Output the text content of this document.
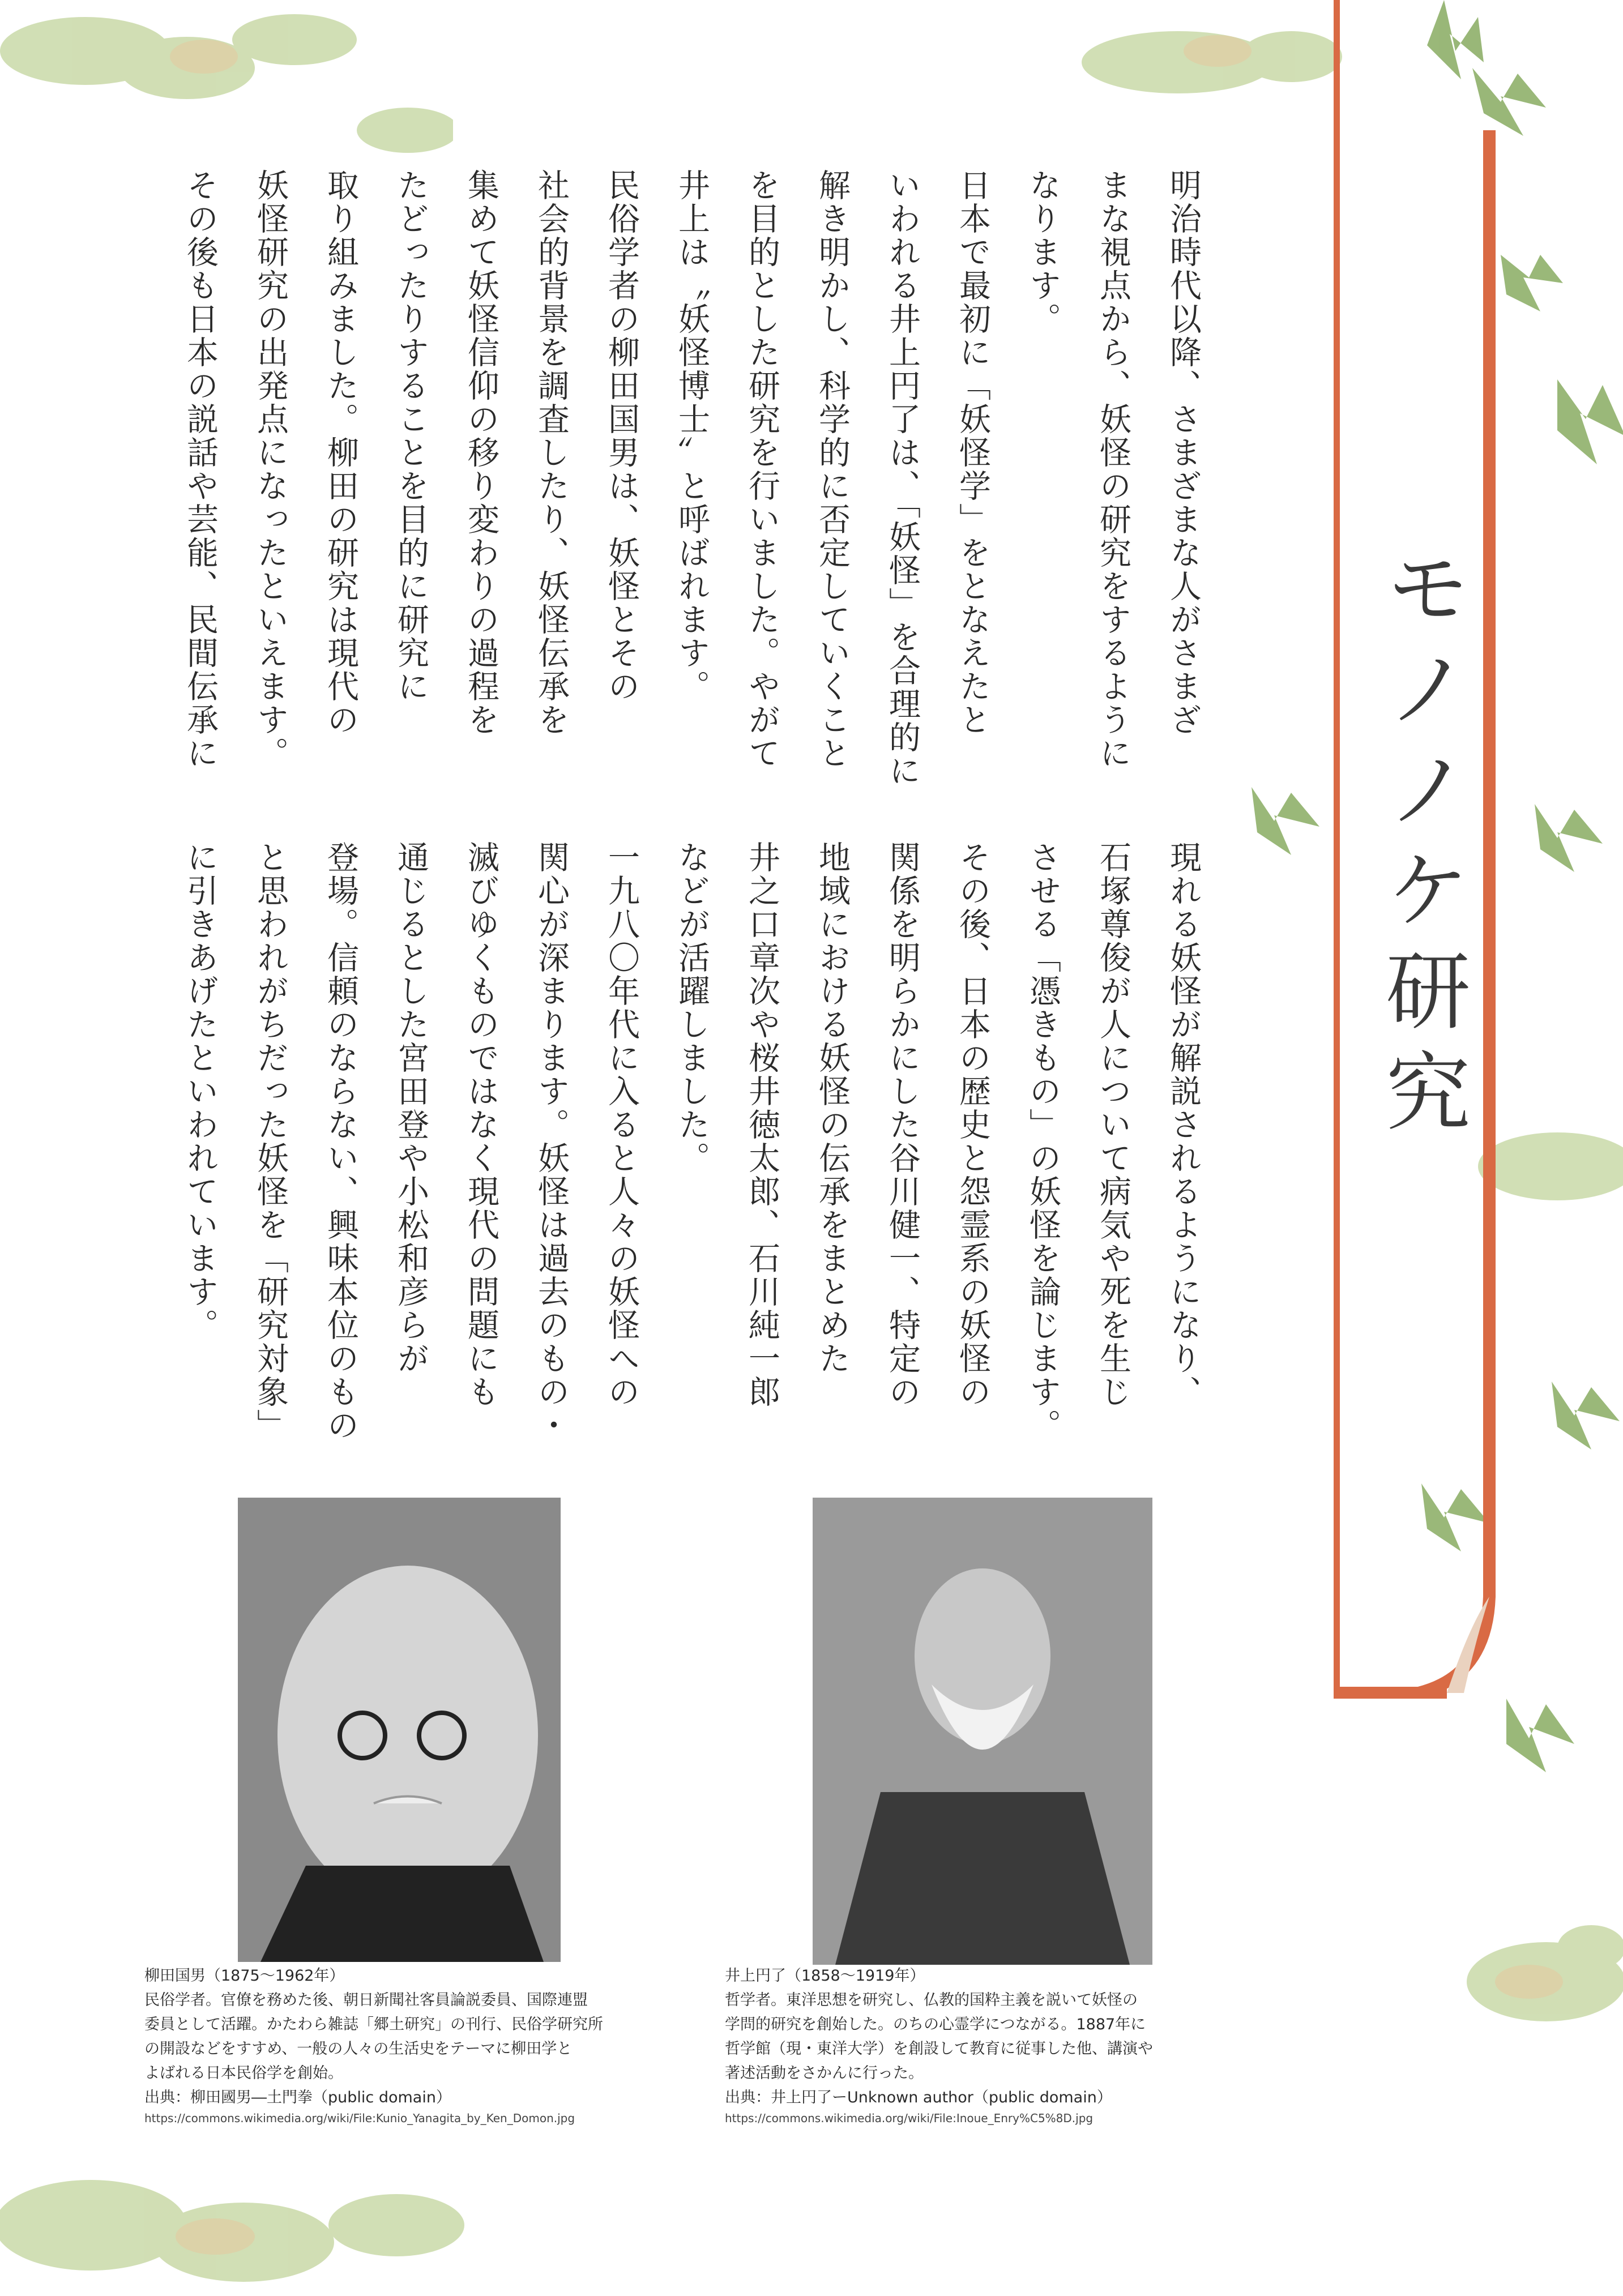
モノノケ研究
明治時代以降、さまざまな人がさまざ
まな視点から、妖怪の研究をするように
なります。
日本で最初に「妖怪学」をとなえたと
いわれる井上円了は、「妖怪」を合理的に
解き明かし、科学的に否定していくこと
を目的とした研究を行いました。やがて
井上は〝妖怪博士〟と呼ばれます。
民俗学者の柳田国男は、妖怪とその
社会的背景を調査したり、妖怪伝承を
集めて妖怪信仰の移り変わりの過程を
たどったりすることを目的に研究に
取り組みました。柳田の研究は現代の
妖怪研究の出発点になったといえます。
その後も日本の説話や芸能、民間伝承に
現れる妖怪が解説されるようになり、
石塚尊俊が人について病気や死を生じ
させる「憑きもの」の妖怪を論じます。
その後、日本の歴史と怨霊系の妖怪の
関係を明らかにした谷川健一、特定の
地域における妖怪の伝承をまとめた
井之口章次や桜井徳太郎、石川純一郎
などが活躍しました。
一九八〇年代に入ると人々の妖怪への
関心が深まります。妖怪は過去のもの・
滅びゆくものではなく現代の問題にも
通じるとした宮田登や小松和彦らが
登場。信頼のならない、興味本位のもの
と思われがちだった妖怪を「研究対象」
に引きあげたといわれています。
柳田国男（1875～1962年）
民俗学者。官僚を務めた後、朝日新聞社客員論説委員、国際連盟
委員として活躍。かたわら雑誌「郷土研究」の刊行、民俗学研究所
の開設などをすすめ、一般の人々の生活史をテーマに柳田学と
よばれる日本民俗学を創始。
出典：柳田國男―土門拳（public domain）
https://commons.wikimedia.org/wiki/File:Kunio_Yanagita_by_Ken_Domon.jpg
井上円了（1858～1919年）
哲学者。東洋思想を研究し、仏教的国粋主義を説いて妖怪の
学問的研究を創始した。のちの心霊学につながる。1887年に
哲学館（現・東洋大学）を創設して教育に従事した他、講演や
著述活動をさかんに行った。
出典：井上円了ーUnknown author（public domain）
https://commons.wikimedia.org/wiki/File:Inoue_Enry%C5%8D.jpg
